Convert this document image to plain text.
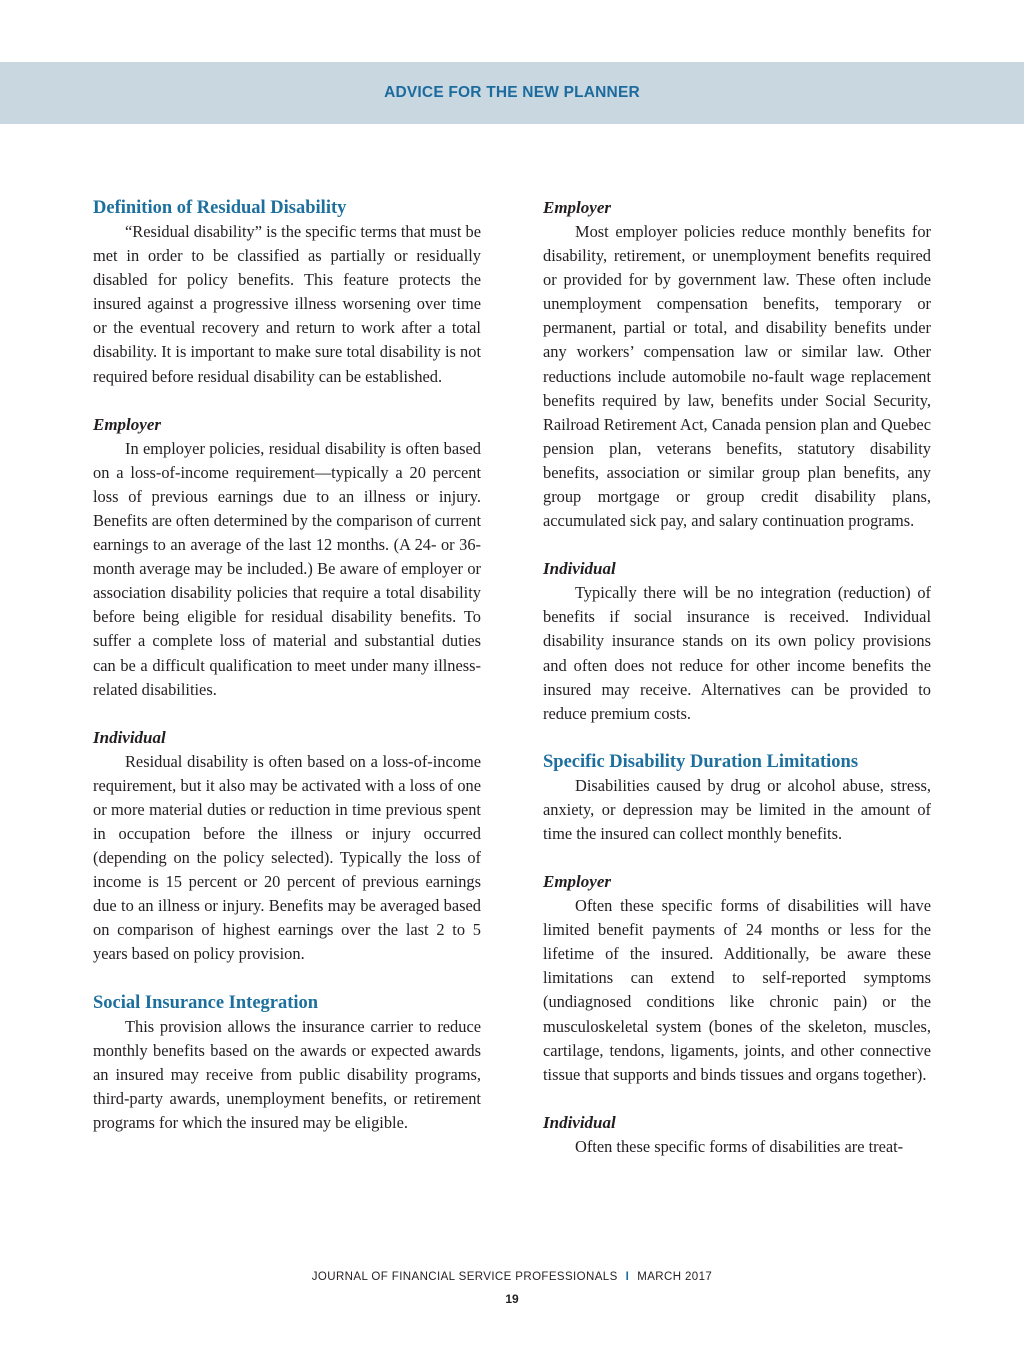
ADVICE FOR THE NEW PLANNER
Definition of Residual Disability

“Residual disability” is the specific terms that must be met in order to be classified as partially or residually disabled for policy benefits. This feature protects the insured against a progressive illness worsening over time or the eventual recovery and return to work after a total disability. It is important to make sure total disability is not required before residual disability can be established.

Employer

In employer policies, residual disability is often based on a loss-of-income requirement—typically a 20 percent loss of previous earnings due to an illness or injury. Benefits are often determined by the comparison of current earnings to an average of the last 12 months. (A 24- or 36-month average may be included.) Be aware of employer or association disability policies that require a total disability before being eligible for residual disability benefits. To suffer a complete loss of material and substantial duties can be a difficult qualification to meet under many illness-related disabilities.

Individual

Residual disability is often based on a loss-of-income requirement, but it also may be activated with a loss of one or more material duties or reduction in time previous spent in occupation before the illness or injury occurred (depending on the policy selected). Typically the loss of income is 15 percent or 20 percent of previous earnings due to an illness or injury. Benefits may be averaged based on comparison of highest earnings over the last 2 to 5 years based on policy provision.

Social Insurance Integration

This provision allows the insurance carrier to reduce monthly benefits based on the awards or expected awards an insured may receive from public disability programs, third-party awards, unemployment benefits, or retirement programs for which the insured may be eligible.

Employer

Most employer policies reduce monthly benefits for disability, retirement, or unemployment benefits required or provided for by government law. These often include unemployment compensation benefits, temporary or permanent, partial or total, and disability benefits under any workers’ compensation law or similar law. Other reductions include automobile no-fault wage replacement benefits required by law, benefits under Social Security, Railroad Retirement Act, Canada pension plan and Quebec pension plan, veterans benefits, statutory disability benefits, association or similar group plan benefits, any group mortgage or group credit disability plans, accumulated sick pay, and salary continuation programs.

Individual

Typically there will be no integration (reduction) of benefits if social insurance is received. Individual disability insurance stands on its own policy provisions and often does not reduce for other income benefits the insured may receive. Alternatives can be provided to reduce premium costs.

Specific Disability Duration Limitations

Disabilities caused by drug or alcohol abuse, stress, anxiety, or depression may be limited in the amount of time the insured can collect monthly benefits.

Employer

Often these specific forms of disabilities will have limited benefit payments of 24 months or less for the lifetime of the insured. Additionally, be aware these limitations can extend to self-reported symptoms (undiagnosed conditions like chronic pain) or the musculoskeletal system (bones of the skeleton, muscles, cartilage, tendons, ligaments, joints, and other connective tissue that supports and binds tissues and organs together).

Individual

Often these specific forms of disabilities are treat-

JOURNAL OF FINANCIAL SERVICE PROFESSIONALS I MARCH 2017
19
